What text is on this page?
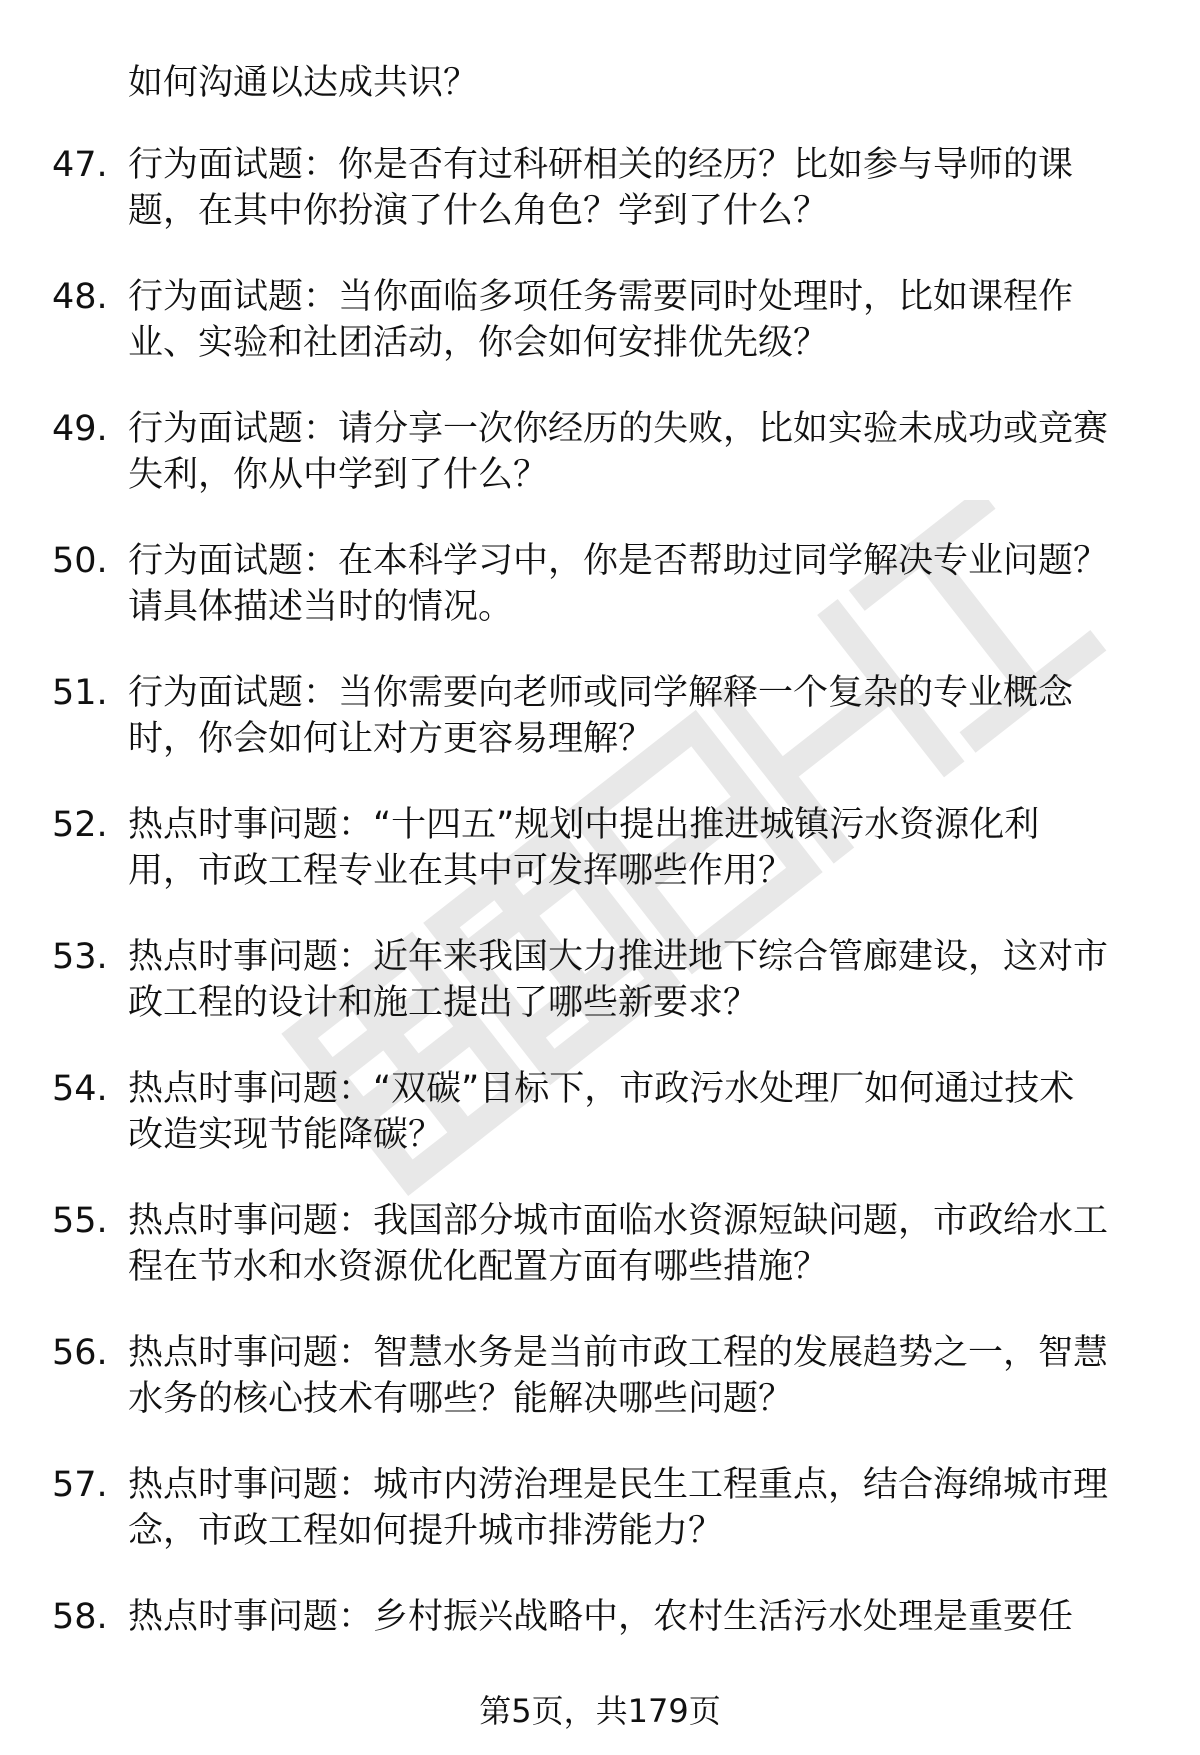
如何沟通以达成共识？
47. 行为面试题：你是否有过科研相关的经历？比如参与导师的课
题，在其中你扮演了什么角色？学到了什么？
48. 行为面试题：当你面临多项任务需要同时处理时，比如课程作
业、实验和社团活动，你会如何安排优先级？
49. 行为面试题：请分享一次你经历的失败，比如实验未成功或竞赛
失利，你从中学到了什么？
50. 行为面试题：在本科学习中，你是否帮助过同学解决专业问题？
请具体描述当时的情况。
51. 行为面试题：当你需要向老师或同学解释一个复杂的专业概念
时，你会如何让对方更容易理解？
52. 热点时事问题：“十四五”规划中提出推进城镇污水资源化利
用，市政工程专业在其中可发挥哪些作用？
53. 热点时事问题：近年来我国大力推进地下综合管廊建设，这对市
政工程的设计和施工提出了哪些新要求？
54. 热点时事问题：“双碳”目标下，市政污水处理厂如何通过技术
改造实现节能降碳？
55. 热点时事问题：我国部分城市面临水资源短缺问题，市政给水工
程在节水和水资源优化配置方面有哪些措施？
56. 热点时事问题：智慧水务是当前市政工程的发展趋势之一，智慧
水务的核心技术有哪些？能解决哪些问题？
57. 热点时事问题：城市内涝治理是民生工程重点，结合海绵城市理
念，市政工程如何提升城市排涝能力？
58. 热点时事问题：乡村振兴战略中，农村生活污水处理是重要任
第5页，共179页
